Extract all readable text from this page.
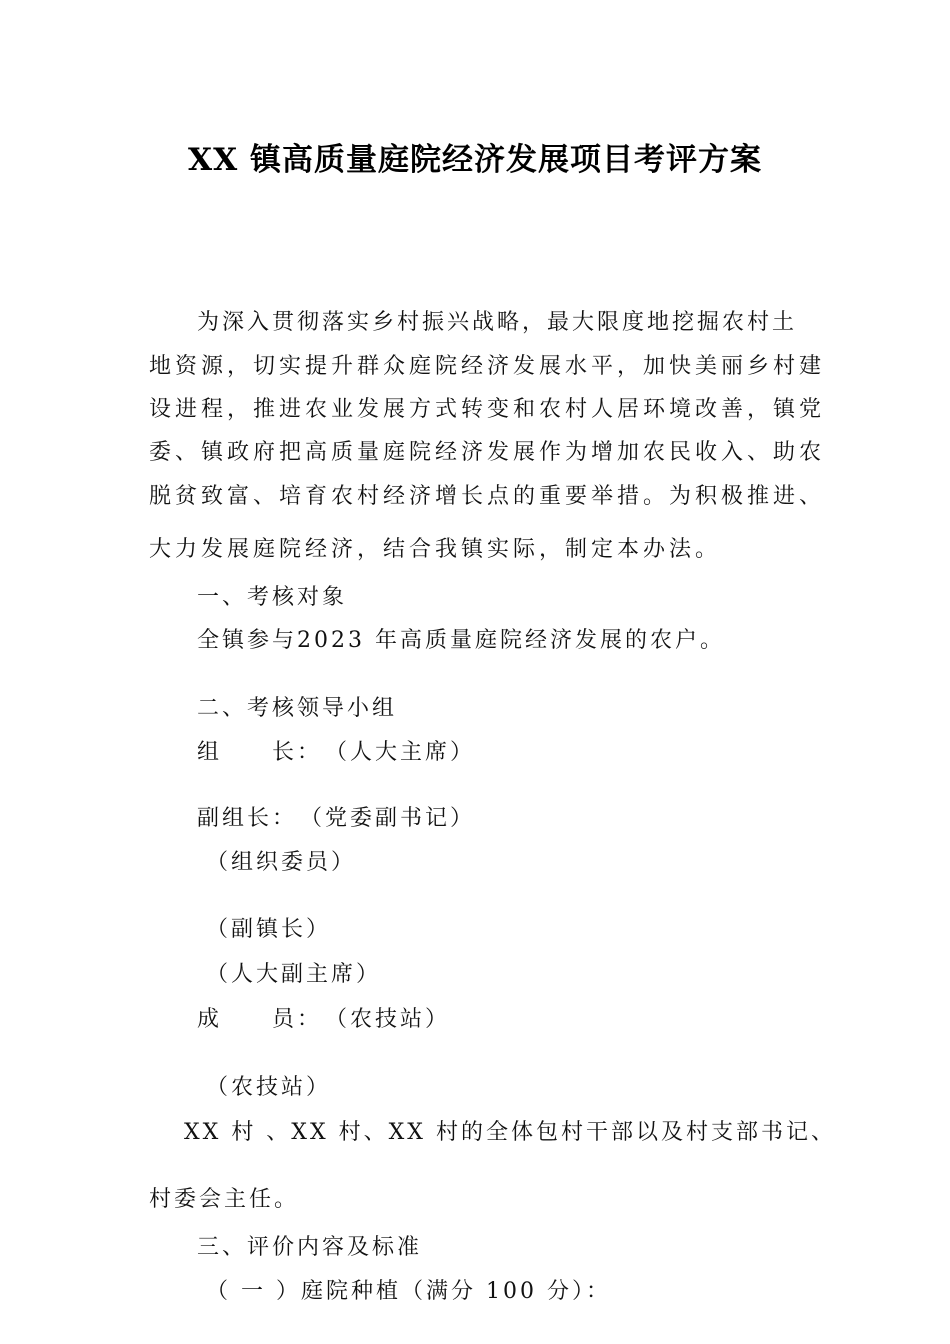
XX 镇高质量庭院经济发展项目考评方案
为深入贯彻落实乡村振兴战略，最大限度地挖掘农村土
地资源，切实提升群众庭院经济发展水平，加快美丽乡村建
设进程，推进农业发展方式转变和农村人居环境改善，镇党
委、镇政府把高质量庭院经济发展作为增加农民收入、助农
脱贫致富、培育农村经济增长点的重要举措。为积极推进、
大力发展庭院经济，结合我镇实际，制定本办法。
一、考核对象
全镇参与2023 年高质量庭院经济发展的农户。
二、考核领导小组
组　　长：　（人大主席）
副组长：　（党委副书记）
（组织委员）
（副镇长）
（人大副主席）
成　　员：　（农技站）
（农技站）
XX 村 、XX 村、XX 村的全体包村干部以及村支部书记、
村委会主任。
三、评价内容及标准
（ 一 ）庭院种植（满分 100 分）：
